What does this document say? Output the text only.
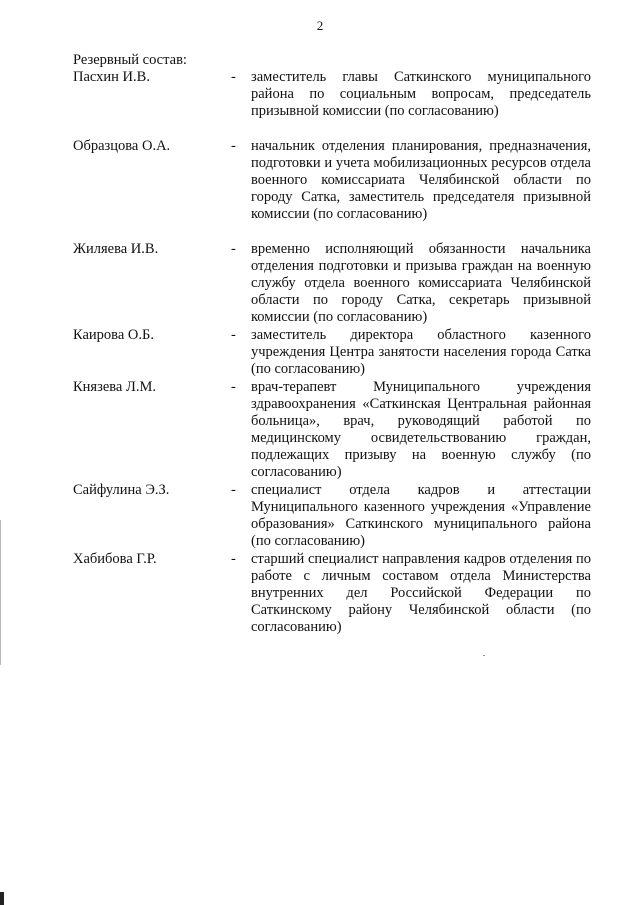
2
Резервный состав:
Пасхин И.В.	- заместитель главы Саткинского муниципального района по социальным вопросам, председатель призывной комиссии (по согласованию)
Образцова О.А.	- начальник отделения планирования, предназначения, подготовки и учета мобилизационных ресурсов отдела военного комиссариата Челябинской области по городу Сатка, заместитель председателя призывной комиссии (по согласованию)
Жиляева И.В.	- временно исполняющий обязанности начальника отделения подготовки и призыва граждан на военную службу отдела военного комиссариата Челябинской области по городу Сатка, секретарь призывной комиссии (по согласованию)
Каирова О.Б.	- заместитель директора областного казенного учреждения Центра занятости населения города Сатка (по согласованию)
Князева Л.М.	- врач-терапевт Муниципального учреждения здравоохранения «Саткинская Центральная районная больница», врач, руководящий работой по медицинскому освидетельствованию граждан, подлежащих призыву на военную службу (по согласованию)
Сайфулина Э.З.	- специалист отдела кадров и аттестации Муниципального казенного учреждения «Управление образования» Саткинского муниципального района (по согласованию)
Хабибова Г.Р.	- старший специалист направления кадров отделения по работе с личным составом отдела Министерства внутренних дел Российской Федерации по Саткинскому району Челябинской области (по согласованию)
